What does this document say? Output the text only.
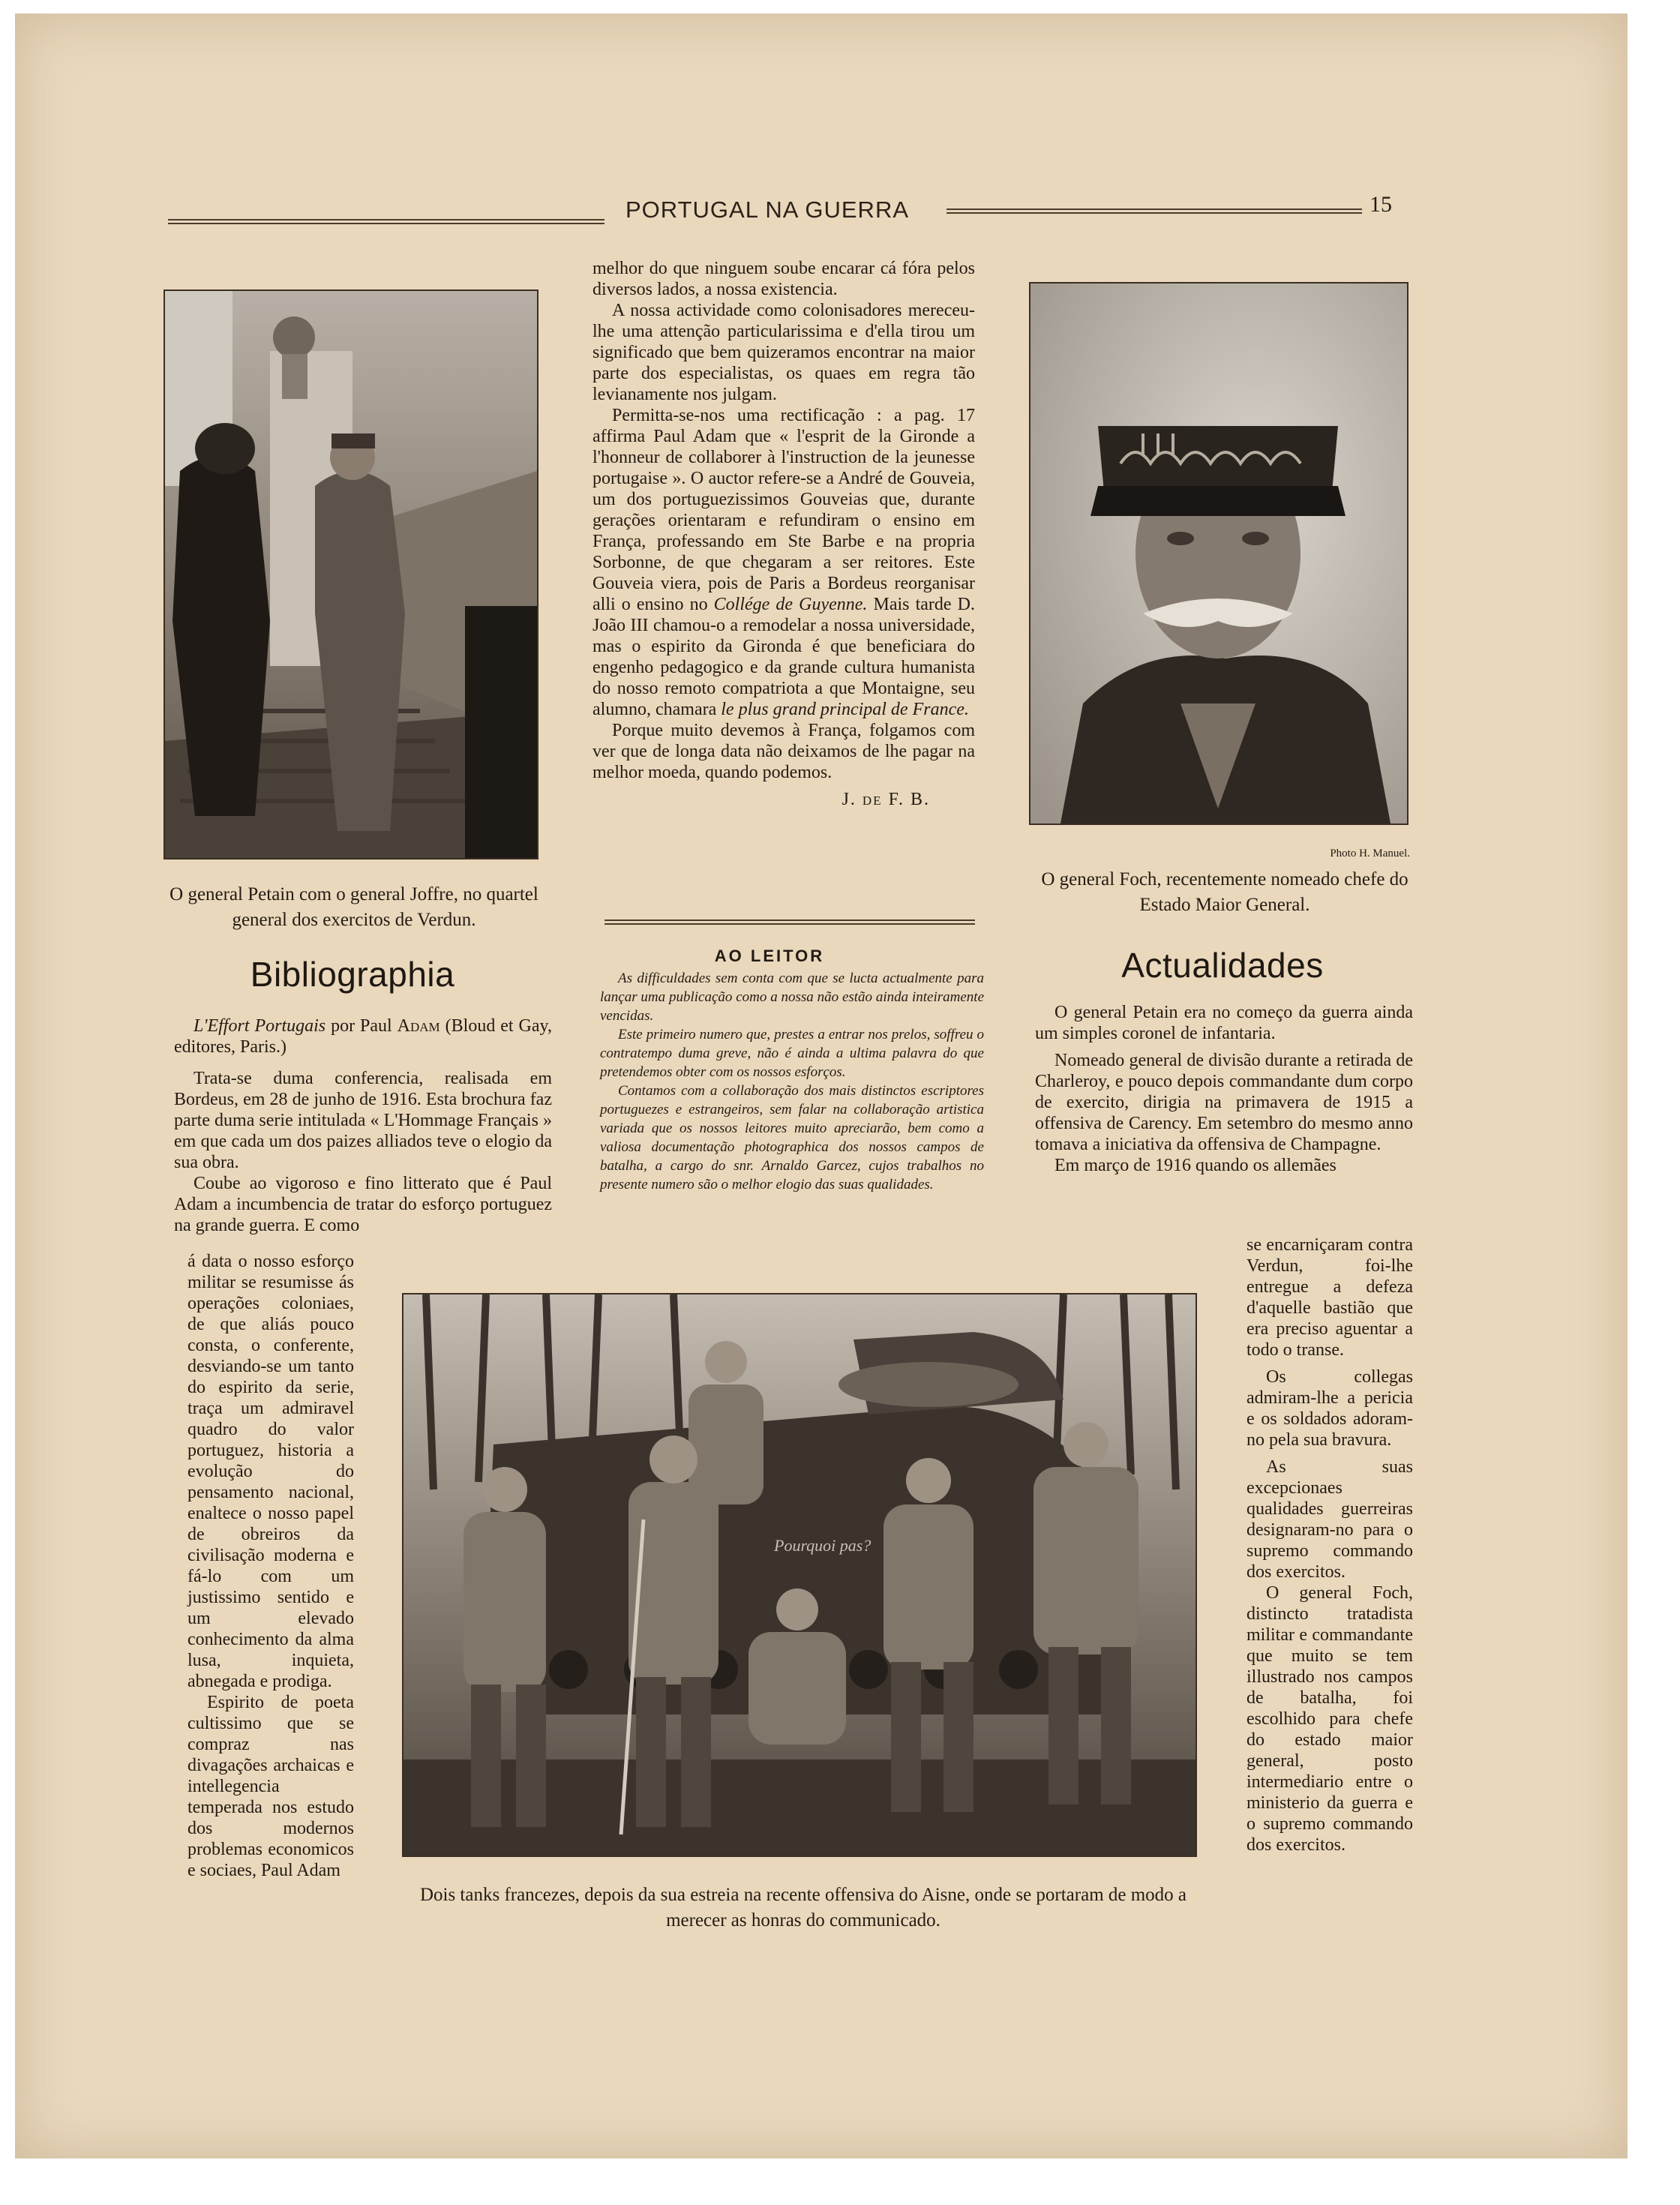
PORTUGAL NA GUERRA	15
O general Petain com o general Joffre, no quartel general dos exercitos de Verdun.
Photo H. Manuel.
O general Foch, recentemente nomeado chefe do Estado Maior General.
Bibliographia

L'Effort Portugais por Paul Adam (Bloud et Gay, editores, Paris.)

Trata-se duma conferencia, realisada em Bordeus, em 28 de junho de 1916. Esta brochura faz parte duma serie intitulada « L'Hommage Français » em que cada um dos paizes alliados teve o elogio da sua obra.

Coube ao vigoroso e fino litterato que é Paul Adam a incumbencia de tratar do esforço portuguez na grande guerra. E como

á data o nosso esforço militar se resumisse ás operações coloniaes, de que aliás pouco consta, o conferente, desviando-se um tanto do espirito da serie, traça um admiravel quadro do valor portuguez, historia a evolução do pensamento nacional, enaltece o nosso papel de obreiros da civilisação moderna e fá-lo com um justissimo sentido e um elevado conhecimento da alma lusa, inquieta, abnegada e prodiga.

Espirito de poeta cultissimo que se compraz nas divagações archaicas e intellegencia temperada nos estudo dos modernos problemas economicos e sociaes, Paul Adam

melhor do que ninguem soube encarar cá fóra pelos diversos lados, a nossa existencia.

A nossa actividade como colonisadores mereceu-lhe uma attenção particularissima e d'ella tirou um significado que bem quizeramos encontrar na maior parte dos especialistas, os quaes em regra tão levianamente nos julgam.

Permitta-se-nos uma rectificação : a pag. 17 affirma Paul Adam que « l'esprit de la Gironde a l'honneur de collaborer à l'instruction de la jeunesse portugaise ». O auctor refere-se a André de Gouveia, um dos portuguezissimos Gouveias que, durante gerações orientaram e refundiram o ensino em França, professando em Ste Barbe e na propria Sorbonne, de que chegaram a ser reitores. Este Gouveia viera, pois de Paris a Bordeus reorganisar alli o ensino no Collége de Guyenne. Mais tarde D. João III chamou-o a remodelar a nossa universidade, mas o espirito da Gironda é que beneficiara do engenho pedagogico e da grande cultura humanista do nosso remoto compatriota a que Montaigne, seu alumno, chamara le plus grand principal de France.

Porque muito devemos à França, folgamos com ver que de longa data não deixamos de lhe pagar na melhor moeda, quando podemos.

J. de F. B.

AO LEITOR

As difficuldades sem conta com que se lucta actualmente para lançar uma publicação como a nossa não estão ainda inteiramente vencidas.

Este primeiro numero que, prestes a entrar nos prelos, soffreu o contratempo duma greve, não é ainda a ultima palavra do que pretendemos obter com os nossos esforços.

Contamos com a collaboração dos mais distinctos escriptores portuguezes e estrangeiros, sem falar na collaboração artistica variada que os nossos leitores muito apreciarão, bem como a valiosa documentação photographica dos nossos campos de batalha, a cargo do snr. Arnaldo Garcez, cujos trabalhos no presente numero são o melhor elogio das suas qualidades.

Actualidades

O general Petain era no começo da guerra ainda um simples coronel de infantaria.

Nomeado general de divisão durante a retirada de Charleroy, e pouco depois commandante dum corpo de exercito, dirigia na primavera de 1915 a offensiva de Carency. Em setembro do mesmo anno tomava a iniciativa da offensiva de Champagne.

Em março de 1916 quando os allemães

se encarniçaram contra Verdun, foi-lhe entregue a defeza d'aquelle bastião que era preciso aguentar a todo o transe.

Os collegas admiram-lhe a pericia e os soldados adoram-no pela sua bravura.

As suas excepcionaes qualidades guerreiras designaram-no para o supremo commando dos exercitos.

O general Foch, distincto tratadista militar e commandante que muito se tem illustrado nos campos de batalha, foi escolhido para chefe do estado maior general, posto intermediario entre o ministerio da guerra e o supremo commando dos exercitos.

Pourquoi pas?
Dois tanks francezes, depois da sua estreia na recente offensiva do Aisne, onde se portaram de modo a merecer as honras do communicado.
